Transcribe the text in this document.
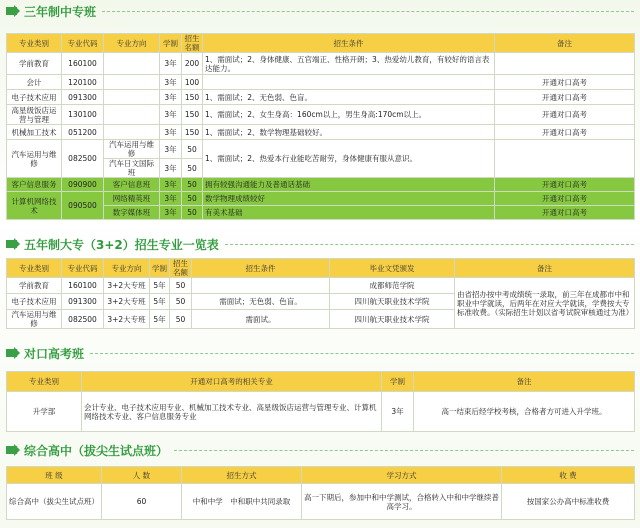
三年制中专班
专业类别	专业代码	专业方向	学制	招生名额	招生条件	备注
学前教育	160100		3年	200	1、需面试；2、身体健康、五官端正、性格开朗；3、热爱幼儿教育，有较好的语言表达能力。	
会计	120100		3年	100		开通对口高考
电子技术应用	091300		3年	150	1、需面试；2、无色弱、色盲。	开通对口高考
高星级饭店运营与管理	130100		3年	150	1、需面试；2、女生身高：160cm以上，男生身高:170cm以上。	开通对口高考
机械加工技术	051200		3年	150	1、需面试；2、数学物理基础较好。	开通对口高考
汽车运用与维修	082500	汽车运用与维修	3年	50	1、需面试；2、热爱本行业能吃苦耐劳，身体健康有服从意识。	
		汽车日文国际班	3年	50		
客户信息服务	090900	客户信息班	3年	50	拥有较强沟通能力及普通话基础	开通对口高考
计算机网络技术	090500	网络精英班	3年	50	数学物理成绩较好	开通对口高考
		数字媒体班	3年	50	有美术基础	开通对口高考
五年制大专（3+2）招生专业一览表
专业类别	专业代码	专业方向	学制	招生名额	招生条件	毕业文凭颁发	备注
学前教育	160100	3+2大专班	5年	50		成都师范学院	由省招办按中考成绩统一录取，前三年在成都市中和职业中学就读，后两年在对应大学就读，学费按大专标准收费。（实际招生计划以省考试院审核通过为准）
电子技术应用	091300	3+2大专班	5年	50	需面试；无色弱、色盲。	四川航天职业技术学院	
汽车运用与维修	082500	3+2大专班	5年	50	需面试。	四川航天职业技术学院	
对口高考班
专业类别	开通对口高考的相关专业	学制	备注
升学部	会计专业、电子技术应用专业、机械加工技术专业、高星级饭店运营与管理专业、计算机网络技术专业、客户信息服务专业	3年	高一结束后经学校考核，合格者方可进入升学班。
综合高中（拔尖生试点班）
班 级	人 数	招生方式	学习方式	收 费
综合高中（拔尖生试点班）	60	中和中学　中和职中共同录取	高一下期后，参加中和中学测试，合格转入中和中学继续普高学习。	按国家公办高中标准收费
